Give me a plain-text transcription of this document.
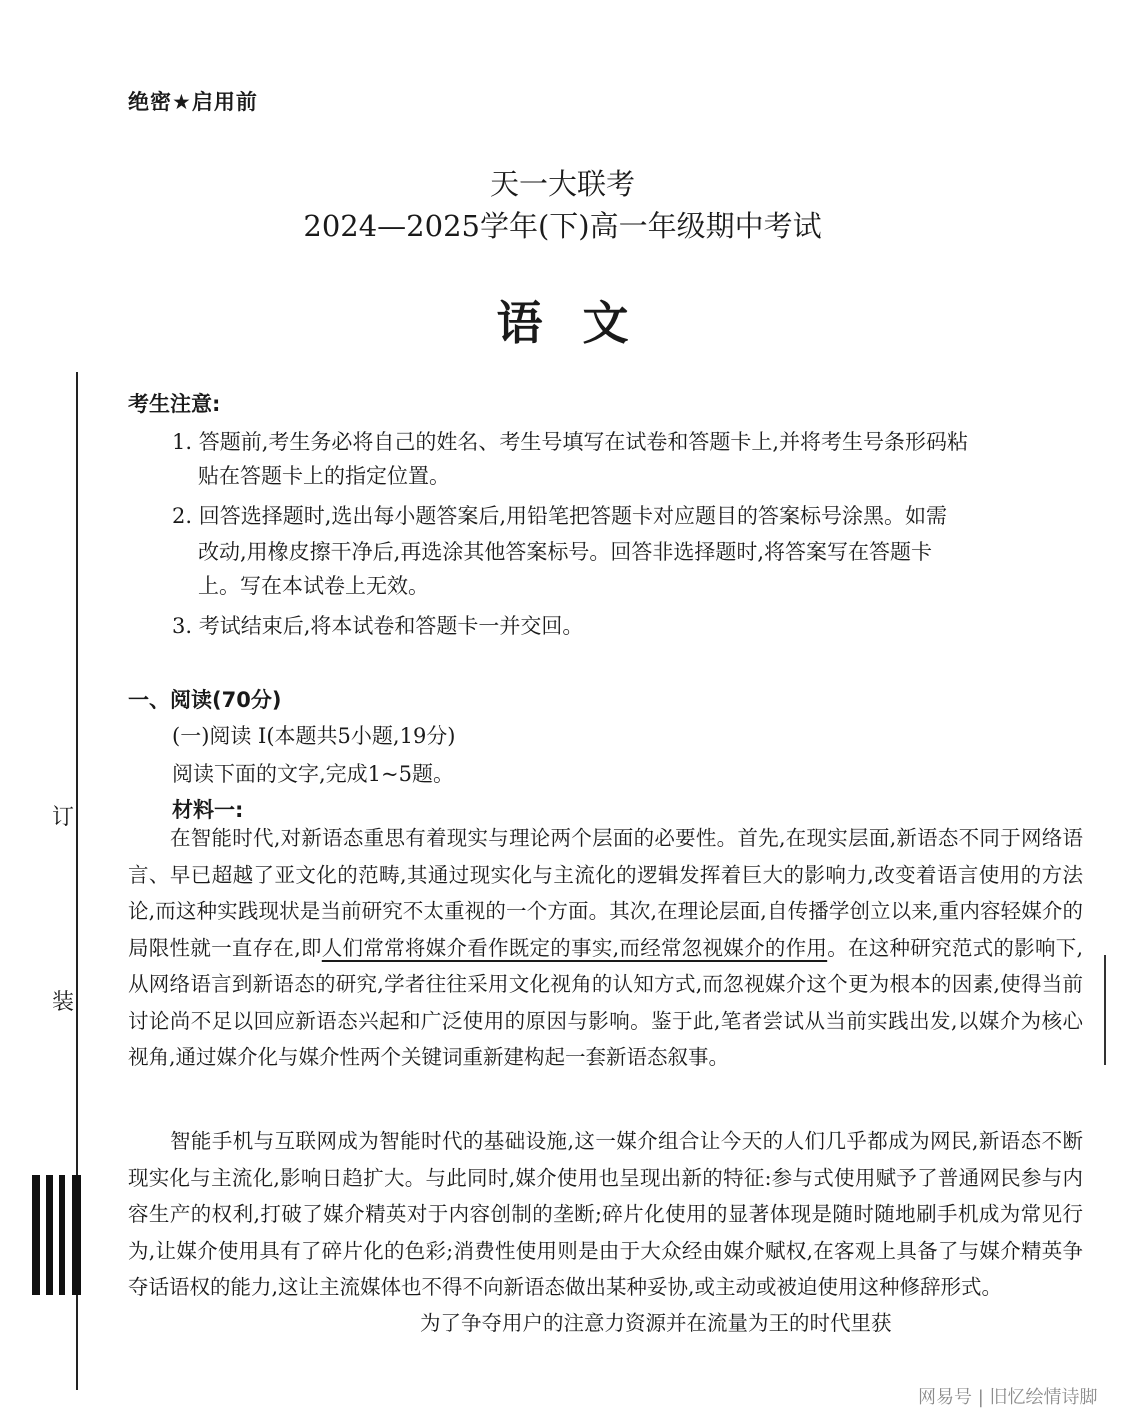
绝密★启用前
天一大联考
2024—2025学年(下)高一年级期中考试
语文
考生注意:
1. 答题前,考生务必将自己的姓名、考生号填写在试卷和答题卡上,并将考生号条形码粘
贴在答题卡上的指定位置。
2. 回答选择题时,选出每小题答案后,用铅笔把答题卡对应题目的答案标号涂黑。如需
改动,用橡皮擦干净后,再选涂其他答案标号。回答非选择题时,将答案写在答题卡
上。写在本试卷上无效。
3. 考试结束后,将本试卷和答题卡一并交回。
一、阅读(70分)
(一)阅读 I(本题共5小题,19分)
阅读下面的文字,完成1~5题。
材料一:
在智能时代,对新语态重思有着现实与理论两个层面的必要性。首先,在现实层面,新语态不同于网络语言、早已超越了亚文化的范畴,其通过现实化与主流化的逻辑发挥着巨大的影响力,改变着语言使用的方法论,而这种实践现状是当前研究不太重视的一个方面。其次,在理论层面,自传播学创立以来,重内容轻媒介的局限性就一直存在,即人们常常将媒介看作既定的事实,而经常忽视媒介的作用。在这种研究范式的影响下,从网络语言到新语态的研究,学者往往采用文化视角的认知方式,而忽视媒介这个更为根本的因素,使得当前讨论尚不足以回应新语态兴起和广泛使用的原因与影响。鉴于此,笔者尝试从当前实践出发,以媒介为核心视角,通过媒介化与媒介性两个关键词重新建构起一套新语态叙事。
智能手机与互联网成为智能时代的基础设施,这一媒介组合让今天的人们几乎都成为网民,新语态不断现实化与主流化,影响日趋扩大。与此同时,媒介使用也呈现出新的特征:参与式使用赋予了普通网民参与内容生产的权利,打破了媒介精英对于内容创制的垄断;碎片化使用的显著体现是随时随地刷手机成为常见行为,让媒介使用具有了碎片化的色彩;消费性使用则是由于大众经由媒介赋权,在客观上具备了与媒介精英争夺话语权的能力,这让主流媒体也不得不向新语态做出某种妥协,或主动或被迫使用这种修辞形式。
为了争夺用户的注意力资源并在流量为王的时代里获
订
装
网易号 | 旧忆绘情诗脚
